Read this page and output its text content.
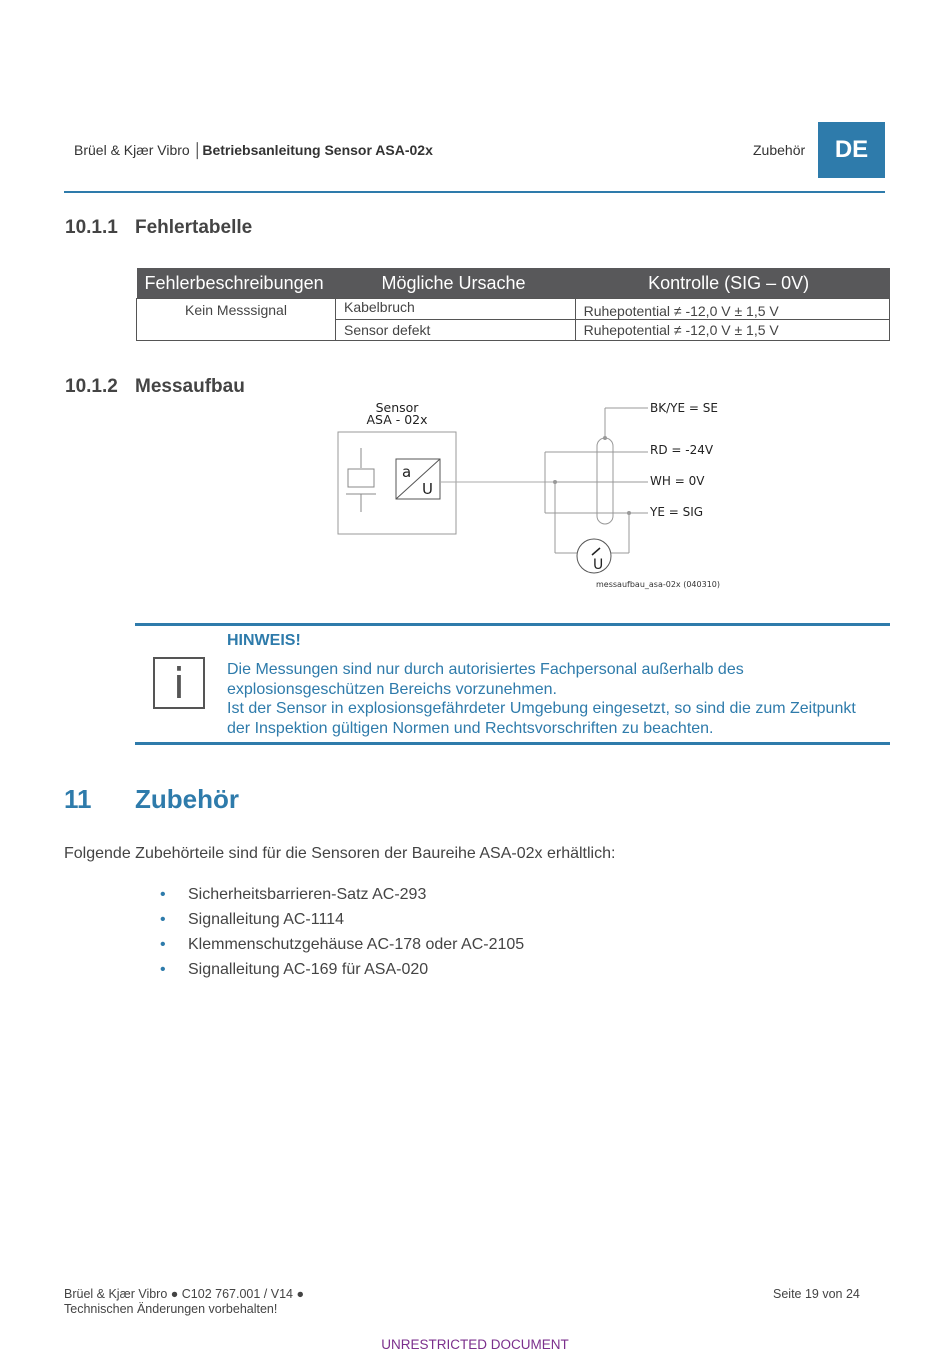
Brüel & Kjær Vibro │Betriebsanleitung Sensor ASA-02x	Zubehör	DE
10.1.1 Fehlertabelle
Fehlerbeschreibungen	Mögliche Ursache	Kontrolle (SIG – 0V)
Kein Messsignal	Kabelbruch	Ruhepotential ≠ -12,0 V ± 1,5 V
	Sensor defekt	Ruhepotential ≠ -12,0 V ± 1,5 V
10.1.2 Messaufbau
Sensor
ASA - 02x
a
U
U
BK/YE = SE
RD = -24V
WH = 0V
YE = SIG
messaufbau_asa-02x (040310)
i
HINWEIS!
Die Messungen sind nur durch autorisiertes Fachpersonal außerhalb des
explosionsgeschützen Bereichs vorzunehmen.
Ist der Sensor in explosionsgefährdeter Umgebung eingesetzt, so sind die zum Zeitpunkt
der Inspektion gültigen Normen und Rechtsvorschriften zu beachten.
11 Zubehör
Folgende Zubehörteile sind für die Sensoren der Baureihe ASA-02x erhältlich:
• Sicherheitsbarrieren-Satz AC-293
• Signalleitung AC-1114
• Klemmenschutzgehäuse AC-178 oder AC-2105
• Signalleitung AC-169 für ASA-020
Brüel & Kjær Vibro ● C102 767.001 / V14 ●
Technischen Änderungen vorbehalten!
Seite 19 von 24
UNRESTRICTED DOCUMENT
